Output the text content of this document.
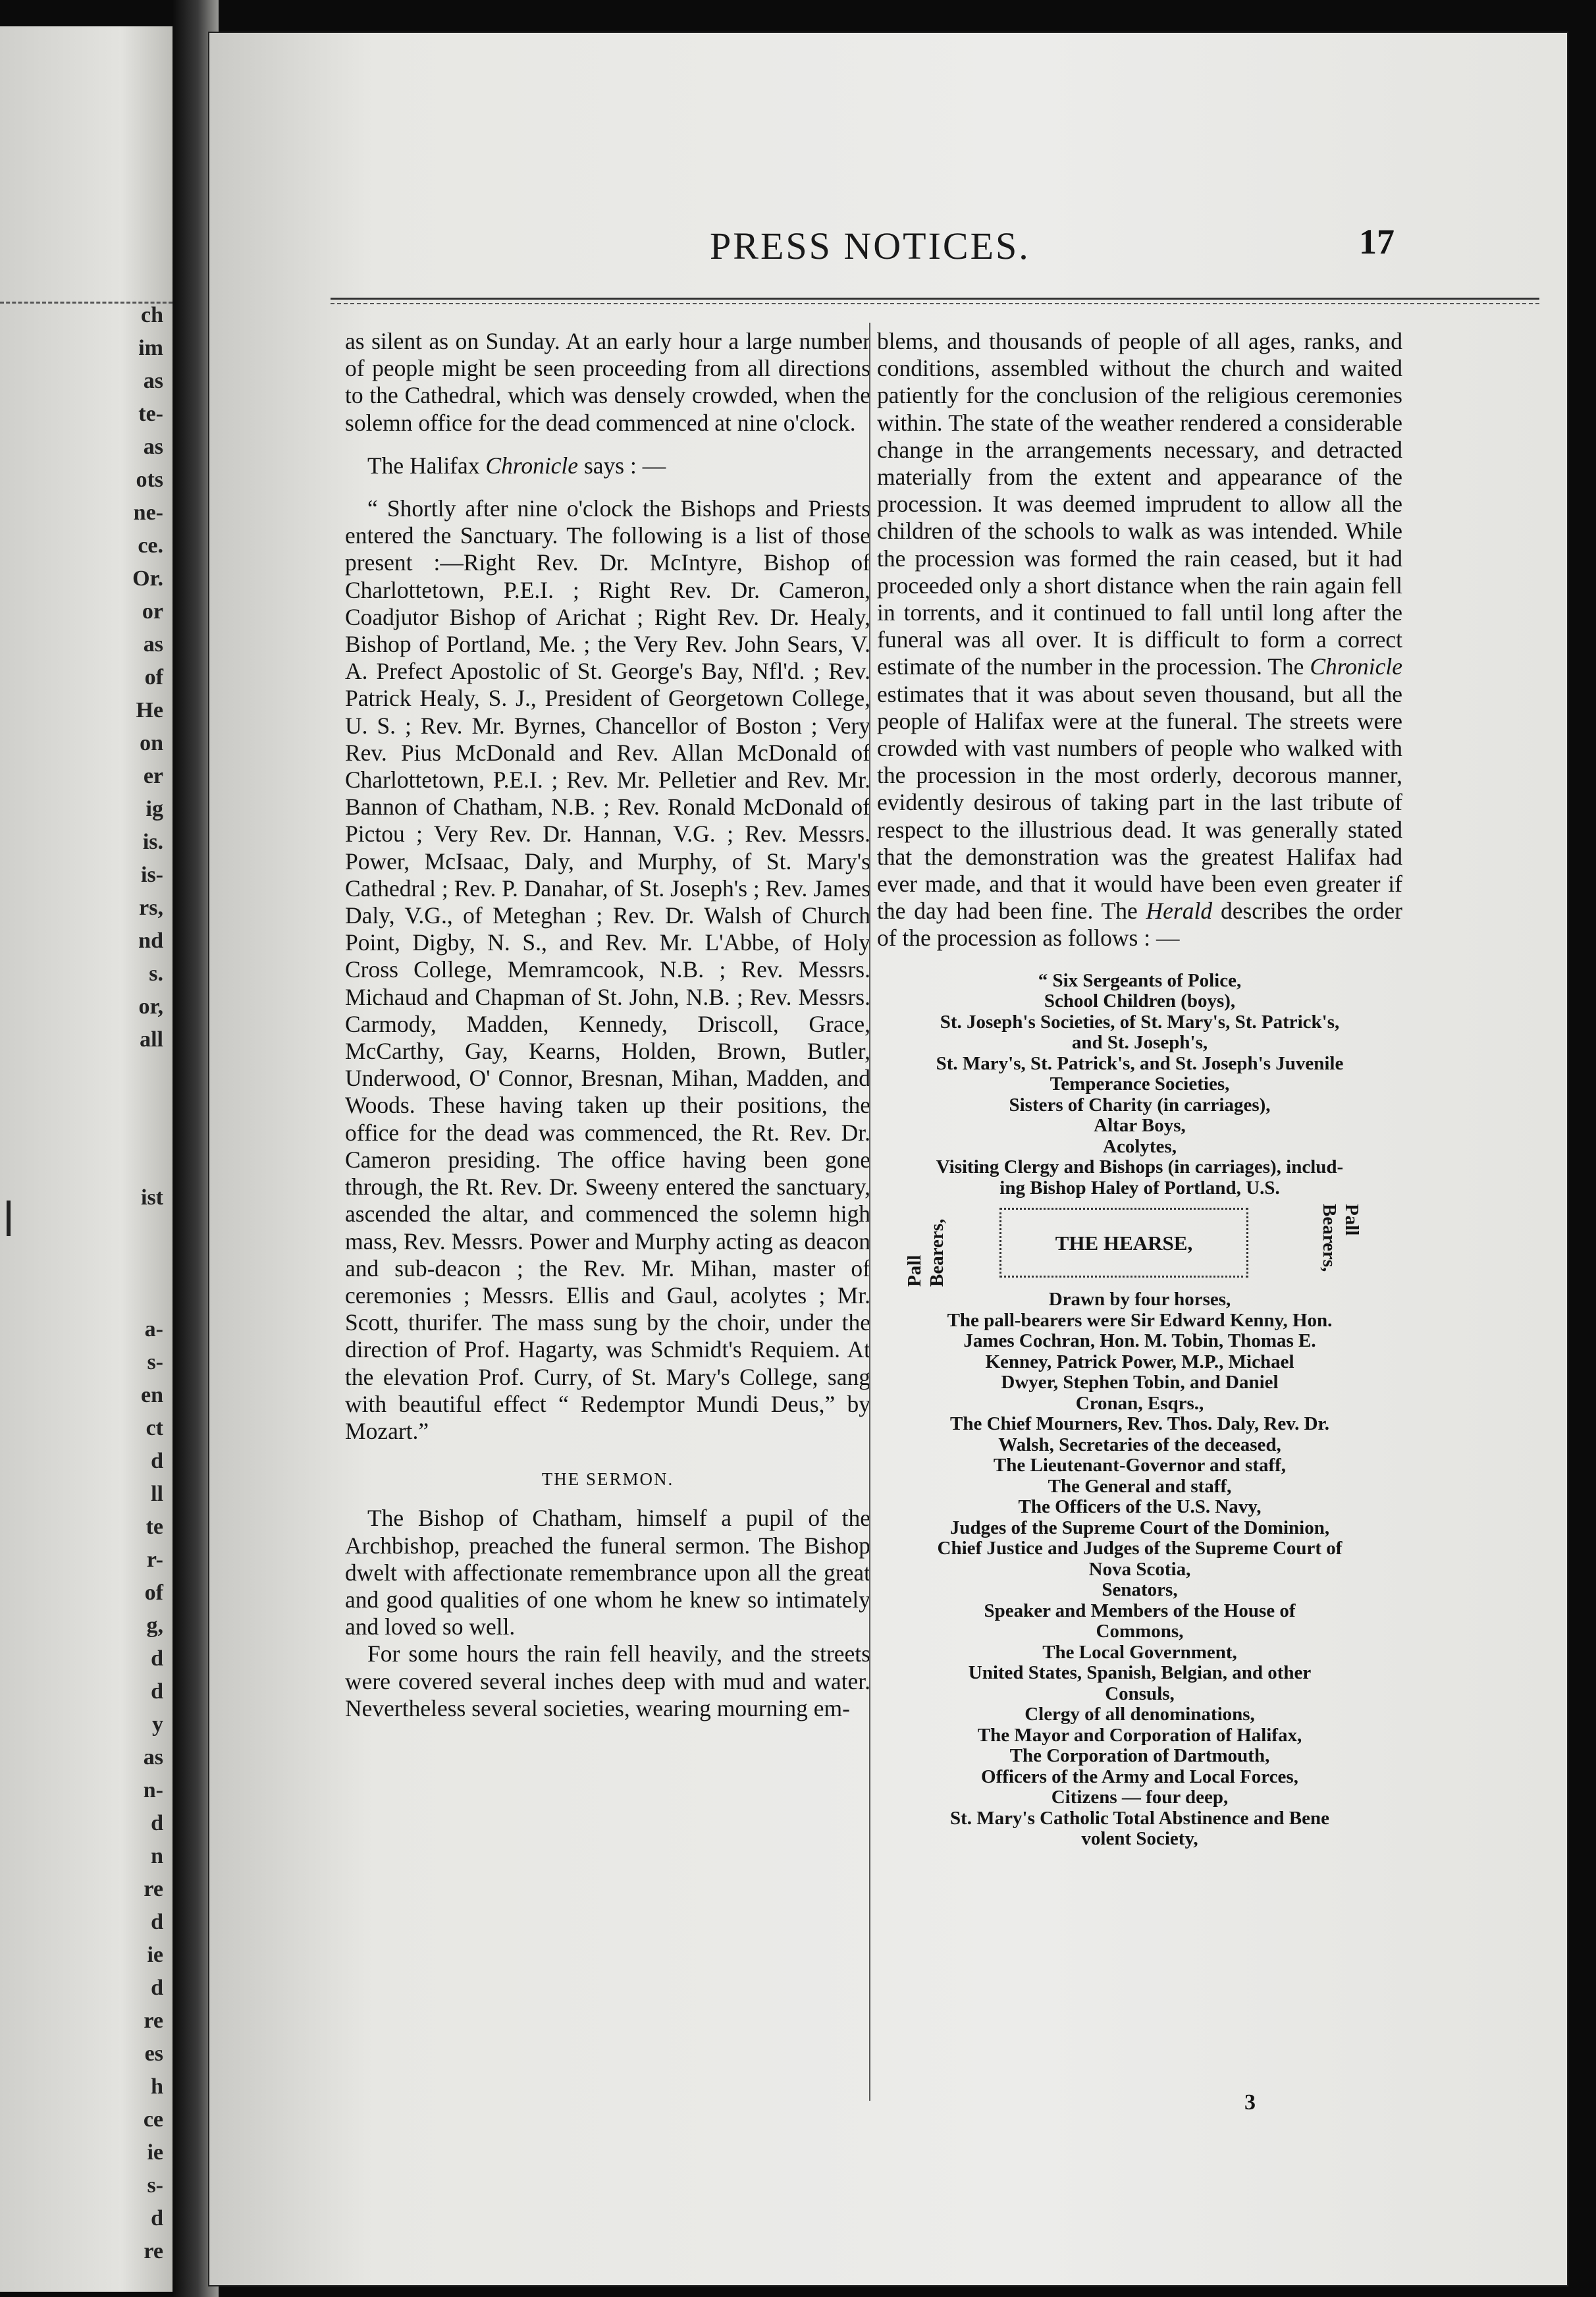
ch
im
as
te-
as
ots
ne-
ce.
Or.
or
as
of
He
on
er
ig
is.
is-
rs,
nd
s.
or,
all
ist
a-
s-
en
ct
d
ll
te
r-
of
g,
d
d
y
as
n-
d
n
re
d
ie
d
re
es
h
ce
ie
s-
d
re
PRESS NOTICES.	17

as silent as on Sunday. At an early hour a large number of people might be seen proceeding from all directions to the Cathedral, which was densely crowded, when the solemn office for the dead commenced at nine o'clock.

The Halifax Chronicle says : —

“ Shortly after nine o'clock the Bishops and Priests entered the Sanctuary. The following is a list of those present :—Right Rev. Dr. McIntyre, Bishop of Charlottetown, P.E.I. ; Right Rev. Dr. Cameron, Coadjutor Bishop of Arichat ; Right Rev. Dr. Healy, Bishop of Portland, Me. ; the Very Rev. John Sears, V. A. Prefect Apostolic of St. George's Bay, Nfl'd. ; Rev. Patrick Healy, S. J., President of Georgetown College, U. S. ; Rev. Mr. Byrnes, Chancellor of Boston ; Very Rev. Pius McDonald and Rev. Allan McDonald of Charlottetown, P.E.I. ; Rev. Mr. Pelletier and Rev. Mr. Bannon of Chatham, N.B. ; Rev. Ronald McDonald of Pictou ; Very Rev. Dr. Hannan, V.G. ; Rev. Messrs. Power, McIsaac, Daly, and Murphy, of St. Mary's Cathedral ; Rev. P. Danahar, of St. Joseph's ; Rev. James Daly, V.G., of Meteghan ; Rev. Dr. Walsh of Church Point, Digby, N. S., and Rev. Mr. L'Abbe, of Holy Cross College, Memramcook, N.B. ; Rev. Messrs. Michaud and Chapman of St. John, N.B. ; Rev. Messrs. Carmody, Madden, Kennedy, Driscoll, Grace, McCarthy, Gay, Kearns, Holden, Brown, Butler, Underwood, O' Connor, Bresnan, Mihan, Madden, and Woods. These having taken up their positions, the office for the dead was commenced, the Rt. Rev. Dr. Cameron presiding. The office having been gone through, the Rt. Rev. Dr. Sweeny entered the sanctuary, ascended the altar, and commenced the solemn high mass, Rev. Messrs. Power and Murphy acting as deacon and sub-deacon ; the Rev. Mr. Mihan, master of ceremonies ; Messrs. Ellis and Gaul, acolytes ; Mr. Scott, thurifer. The mass sung by the choir, under the direction of Prof. Hagarty, was Schmidt's Requiem. At the elevation Prof. Curry, of St. Mary's College, sang with beautiful effect “ Redemptor Mundi Deus,” by Mozart.”

THE SERMON.

The Bishop of Chatham, himself a pupil of the Archbishop, preached the funeral sermon. The Bishop dwelt with affectionate remembrance upon all the great and good qualities of one whom he knew so intimately and loved so well.

For some hours the rain fell heavily, and the streets were covered several inches deep with mud and water. Nevertheless several societies, wearing mourning em-

blems, and thousands of people of all ages, ranks, and conditions, assembled without the church and waited patiently for the conclusion of the religious ceremonies within. The state of the weather rendered a considerable change in the arrangements necessary, and detracted materially from the extent and appearance of the procession. It was deemed imprudent to allow all the children of the schools to walk as was intended. While the procession was formed the rain ceased, but it had proceeded only a short distance when the rain again fell in torrents, and it continued to fall until long after the funeral was all over. It is difficult to form a correct estimate of the number in the procession. The Chronicle estimates that it was about seven thousand, but all the people of Halifax were at the funeral. The streets were crowded with vast numbers of people who walked with the procession in the most orderly, decorous manner, evidently desirous of taking part in the last tribute of respect to the illustrious dead. It was generally stated that the demonstration was the greatest Halifax had ever made, and that it would have been even greater if the day had been fine. The Herald describes the order of the procession as follows : —

“ Six Sergeants of Police,

School Children (boys),

St. Joseph's Societies, of St. Mary's, St. Patrick's,

and St. Joseph's,

St. Mary's, St. Patrick's, and St. Joseph's Juvenile

Temperance Societies,

Sisters of Charity (in carriages),

Altar Boys,

Acolytes,

Visiting Clergy and Bishops (in carriages), includ-

ing Bishop Haley of Portland, U.S.

Pall Bearers,	THE HEARSE,
Pall Bearers,

Drawn by four horses,

The pall-bearers were Sir Edward Kenny, Hon.

James Cochran, Hon. M. Tobin, Thomas E.

Kenney, Patrick Power, M.P., Michael

Dwyer, Stephen Tobin, and Daniel

Cronan, Esqrs.,

The Chief Mourners, Rev. Thos. Daly, Rev. Dr.

Walsh, Secretaries of the deceased,

The Lieutenant-Governor and staff,

The General and staff,

The Officers of the U.S. Navy,

Judges of the Supreme Court of the Dominion,

Chief Justice and Judges of the Supreme Court of

Nova Scotia,

Senators,

Speaker and Members of the House of

Commons,

The Local Government,

United States, Spanish, Belgian, and other

Consuls,

Clergy of all denominations,

The Mayor and Corporation of Halifax,

The Corporation of Dartmouth,

Officers of the Army and Local Forces,

Citizens — four deep,

St. Mary's Catholic Total Abstinence and Bene

volent Society,

3
